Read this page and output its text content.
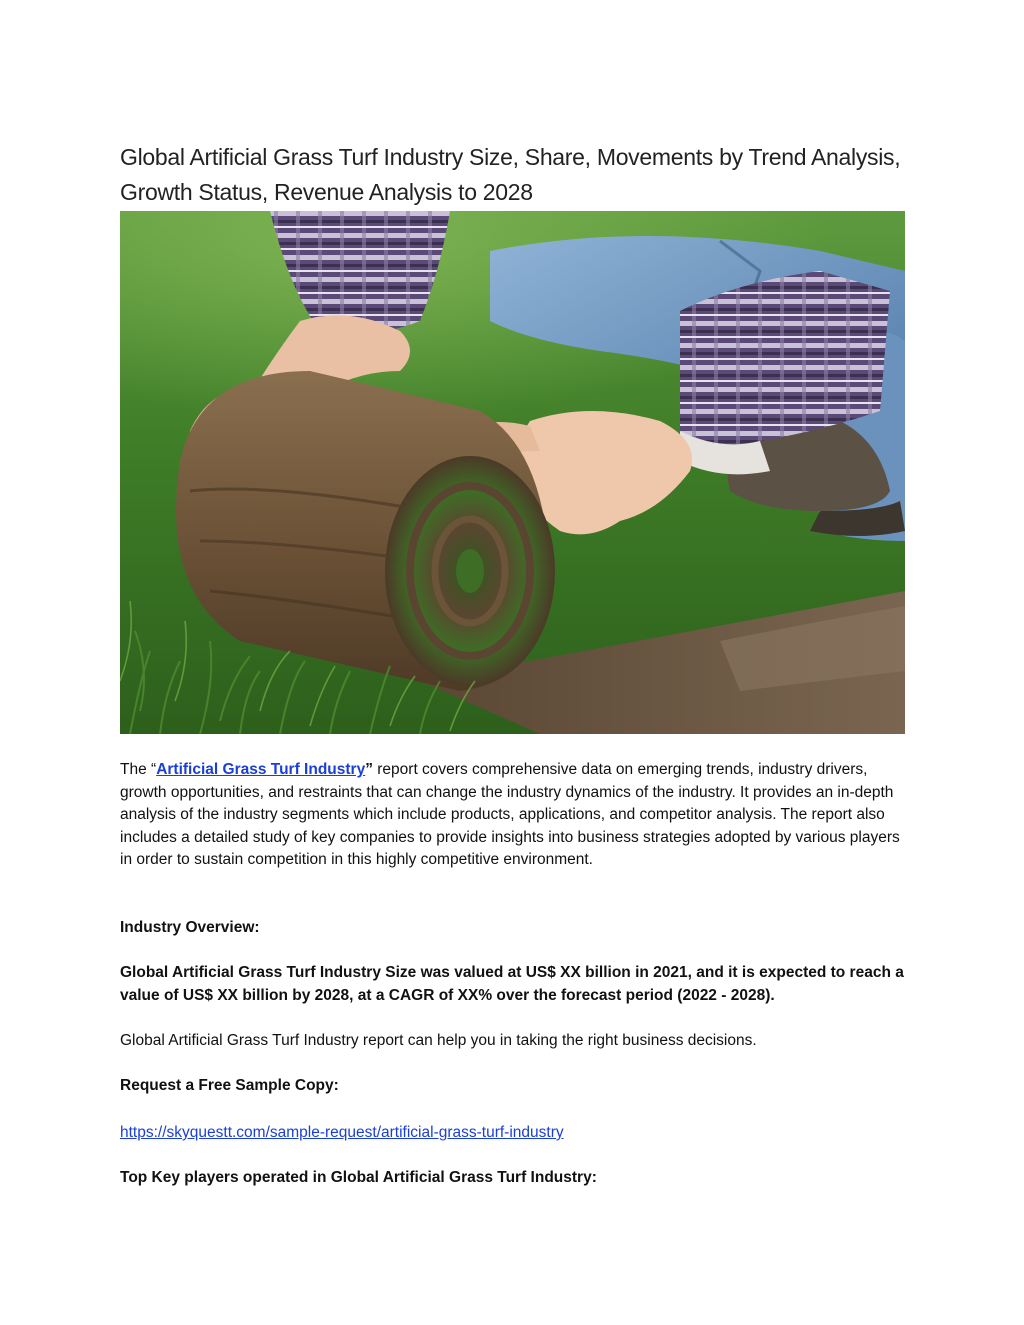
Global Artificial Grass Turf Industry Size, Share, Movements by Trend Analysis, Growth Status, Revenue Analysis to 2028

The “Artificial Grass Turf Industry” report covers comprehensive data on emerging trends, industry drivers, growth opportunities, and restraints that can change the industry dynamics of the industry. It provides an in-depth analysis of the industry segments which include products, applications, and competitor analysis. The report also includes a detailed study of key companies to provide insights into business strategies adopted by various players in order to sustain competition in this highly competitive environment.

Industry Overview:

Global Artificial Grass Turf Industry Size was valued at US$ XX billion in 2021, and it is expected to reach a value of US$ XX billion by 2028, at a CAGR of XX% over the forecast period (2022 - 2028).

Global Artificial Grass Turf Industry report can help you in taking the right business decisions.

Request a Free Sample Copy:

https://skyquestt.com/sample-request/artificial-grass-turf-industry

Top Key players operated in Global Artificial Grass Turf Industry:
